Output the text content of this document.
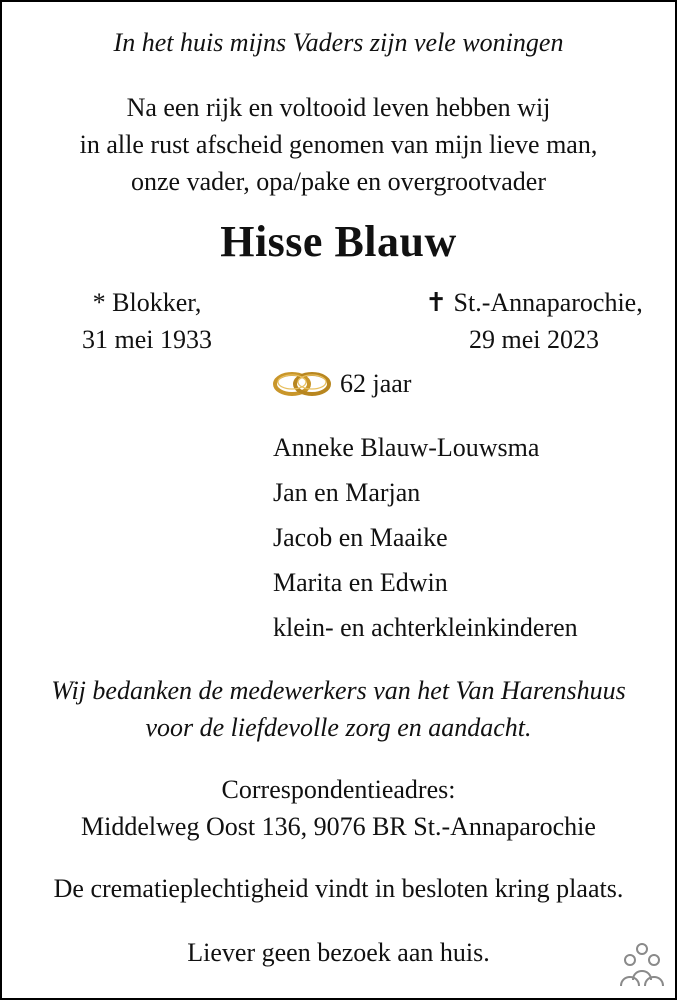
In het huis mijns Vaders zijn vele woningen
Na een rijk en voltooid leven hebben wij
in alle rust afscheid genomen van mijn lieve man,
onze vader, opa/pake en overgrootvader
Hisse Blauw
* Blokker,
31 mei 1933
✝ St.-Annaparochie,
29 mei 2023
62 jaar
Anneke Blauw-Louwsma
Jan en Marjan
Jacob en Maaike
Marita en Edwin
klein- en achterkleinkinderen
Wij bedanken de medewerkers van het Van Harenshuus
voor de liefdevolle zorg en aandacht.
Correspondentieadres:
Middelweg Oost 136, 9076 BR St.-Annaparochie
De crematieplechtigheid vindt in besloten kring plaats.
Liever geen bezoek aan huis.
